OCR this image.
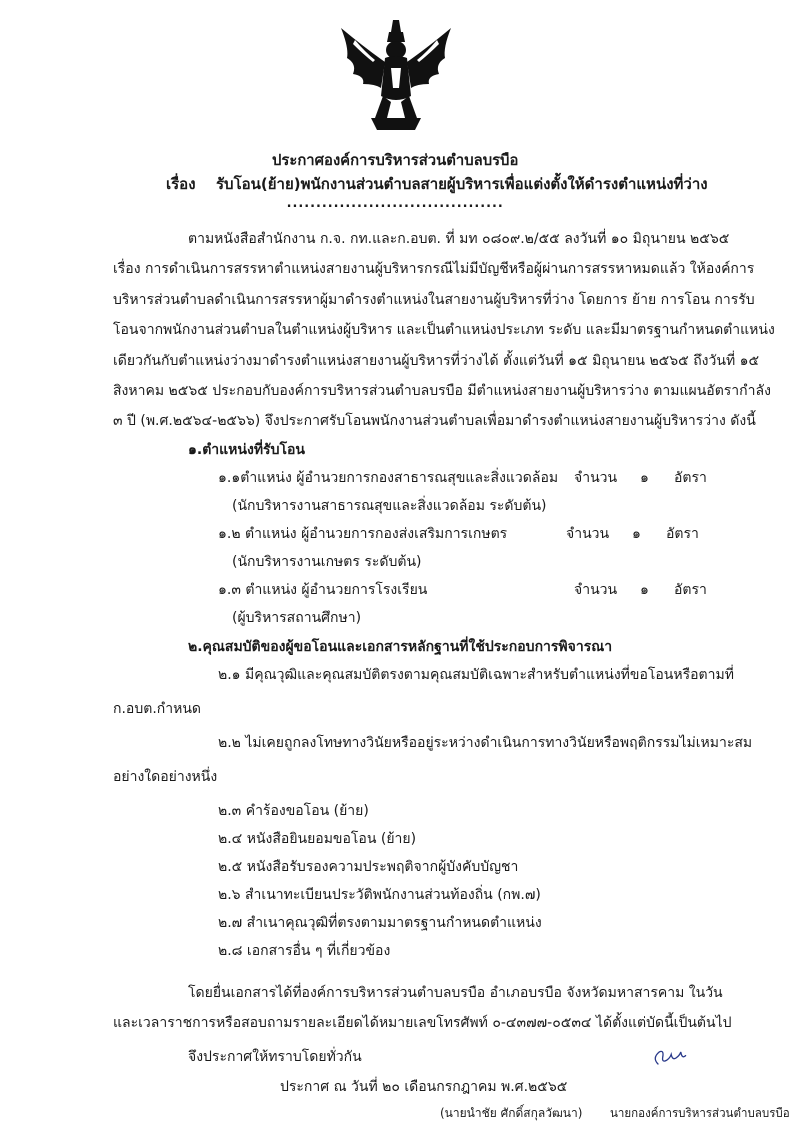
ประกาศองค์การบริหารส่วนตำบลบรบือ
เรื่อง รับโอน(ย้าย)พนักงานส่วนตำบลสายผู้บริหารเพื่อแต่งตั้งให้ดำรงตำแหน่งที่ว่าง
.....................................
ตามหนังสือสำนักงาน ก.จ. กท.และก.อบต. ที่ มท ๐๘๐๙.๒/๕๕ ลงวันที่ ๑๐ มิถุนายน ๒๕๖๕
เรื่อง การดำเนินการสรรหาตำแหน่งสายงานผู้บริหารกรณีไม่มีบัญชีหรือผู้ผ่านการสรรหาหมดแล้ว ให้องค์การ
บริหารส่วนตำบลดำเนินการสรรหาผู้มาดำรงตำแหน่งในสายงานผู้บริหารที่ว่าง โดยการ ย้าย การโอน การรับ
โอนจากพนักงานส่วนตำบลในตำแหน่งผู้บริหาร และเป็นตำแหน่งประเภท ระดับ และมีมาตรฐานกำหนดตำแหน่ง
เดียวกันกับตำแหน่งว่างมาดำรงตำแหน่งสายงานผู้บริหารที่ว่างได้ ตั้งแต่วันที่ ๑๕ มิถุนายน ๒๕๖๕ ถึงวันที่ ๑๕
สิงหาคม ๒๕๖๕ ประกอบกับองค์การบริหารส่วนตำบลบรบือ มีตำแหน่งสายงานผู้บริหารว่าง ตามแผนอัตรากำลัง
๓ ปี (พ.ศ.๒๕๖๔-๒๕๖๖) จึงประกาศรับโอนพนักงานส่วนตำบลเพื่อมาดำรงตำแหน่งสายงานผู้บริหารว่าง ดังนี้
๑.ตำแหน่งที่รับโอน
๑.๑ตำแหน่ง ผู้อำนวยการกองสาธารณสุขและสิ่งแวดล้อม จำนวน ๑ อัตรา
(นักบริหารงานสาธารณสุขและสิ่งแวดล้อม ระดับต้น)
๑.๒ ตำแหน่ง ผู้อำนวยการกองส่งเสริมการเกษตร	จำนวน ๑ อัตรา
(นักบริหารงานเกษตร ระดับต้น)
๑.๓ ตำแหน่ง ผู้อำนวยการโรงเรียน	จำนวน ๑ อัตรา
(ผู้บริหารสถานศึกษา)
๒.คุณสมบัติของผู้ขอโอนและเอกสารหลักฐานที่ใช้ประกอบการพิจารณา
๒.๑ มีคุณวุฒิและคุณสมบัติตรงตามคุณสมบัติเฉพาะสำหรับตำแหน่งที่ขอโอนหรือตามที่
ก.อบต.กำหนด
๒.๒ ไม่เคยถูกลงโทษทางวินัยหรืออยู่ระหว่างดำเนินการทางวินัยหรือพฤติกรรมไม่เหมาะสม
อย่างใดอย่างหนึ่ง
๒.๓ คำร้องขอโอน (ย้าย)
๒.๔ หนังสือยินยอมขอโอน (ย้าย)
๒.๕ หนังสือรับรองความประพฤติจากผู้บังคับบัญชา
๒.๖ สำเนาทะเบียนประวัติพนักงานส่วนท้องถิ่น (กพ.๗)
๒.๗ สำเนาคุณวุฒิที่ตรงตามมาตรฐานกำหนดตำแหน่ง
๒.๘ เอกสารอื่น ๆ ที่เกี่ยวข้อง
โดยยื่นเอกสารได้ที่องค์การบริหารส่วนตำบลบรบือ อำเภอบรบือ จังหวัดมหาสารคาม ในวัน
และเวลาราชการหรือสอบถามรายละเอียดได้หมายเลขโทรศัพท์ ๐-๔๓๗๗-๐๕๓๔ ได้ตั้งแต่บัดนี้เป็นต้นไป
จึงประกาศให้ทราบโดยทั่วกัน
ประกาศ ณ วันที่ ๒๐ เดือนกรกฎาคม พ.ศ.๒๕๖๕
(นายนำชัย ศักดิ์สกุลวัฒนา) นายกองค์การบริหารส่วนตำบลบรบือ
